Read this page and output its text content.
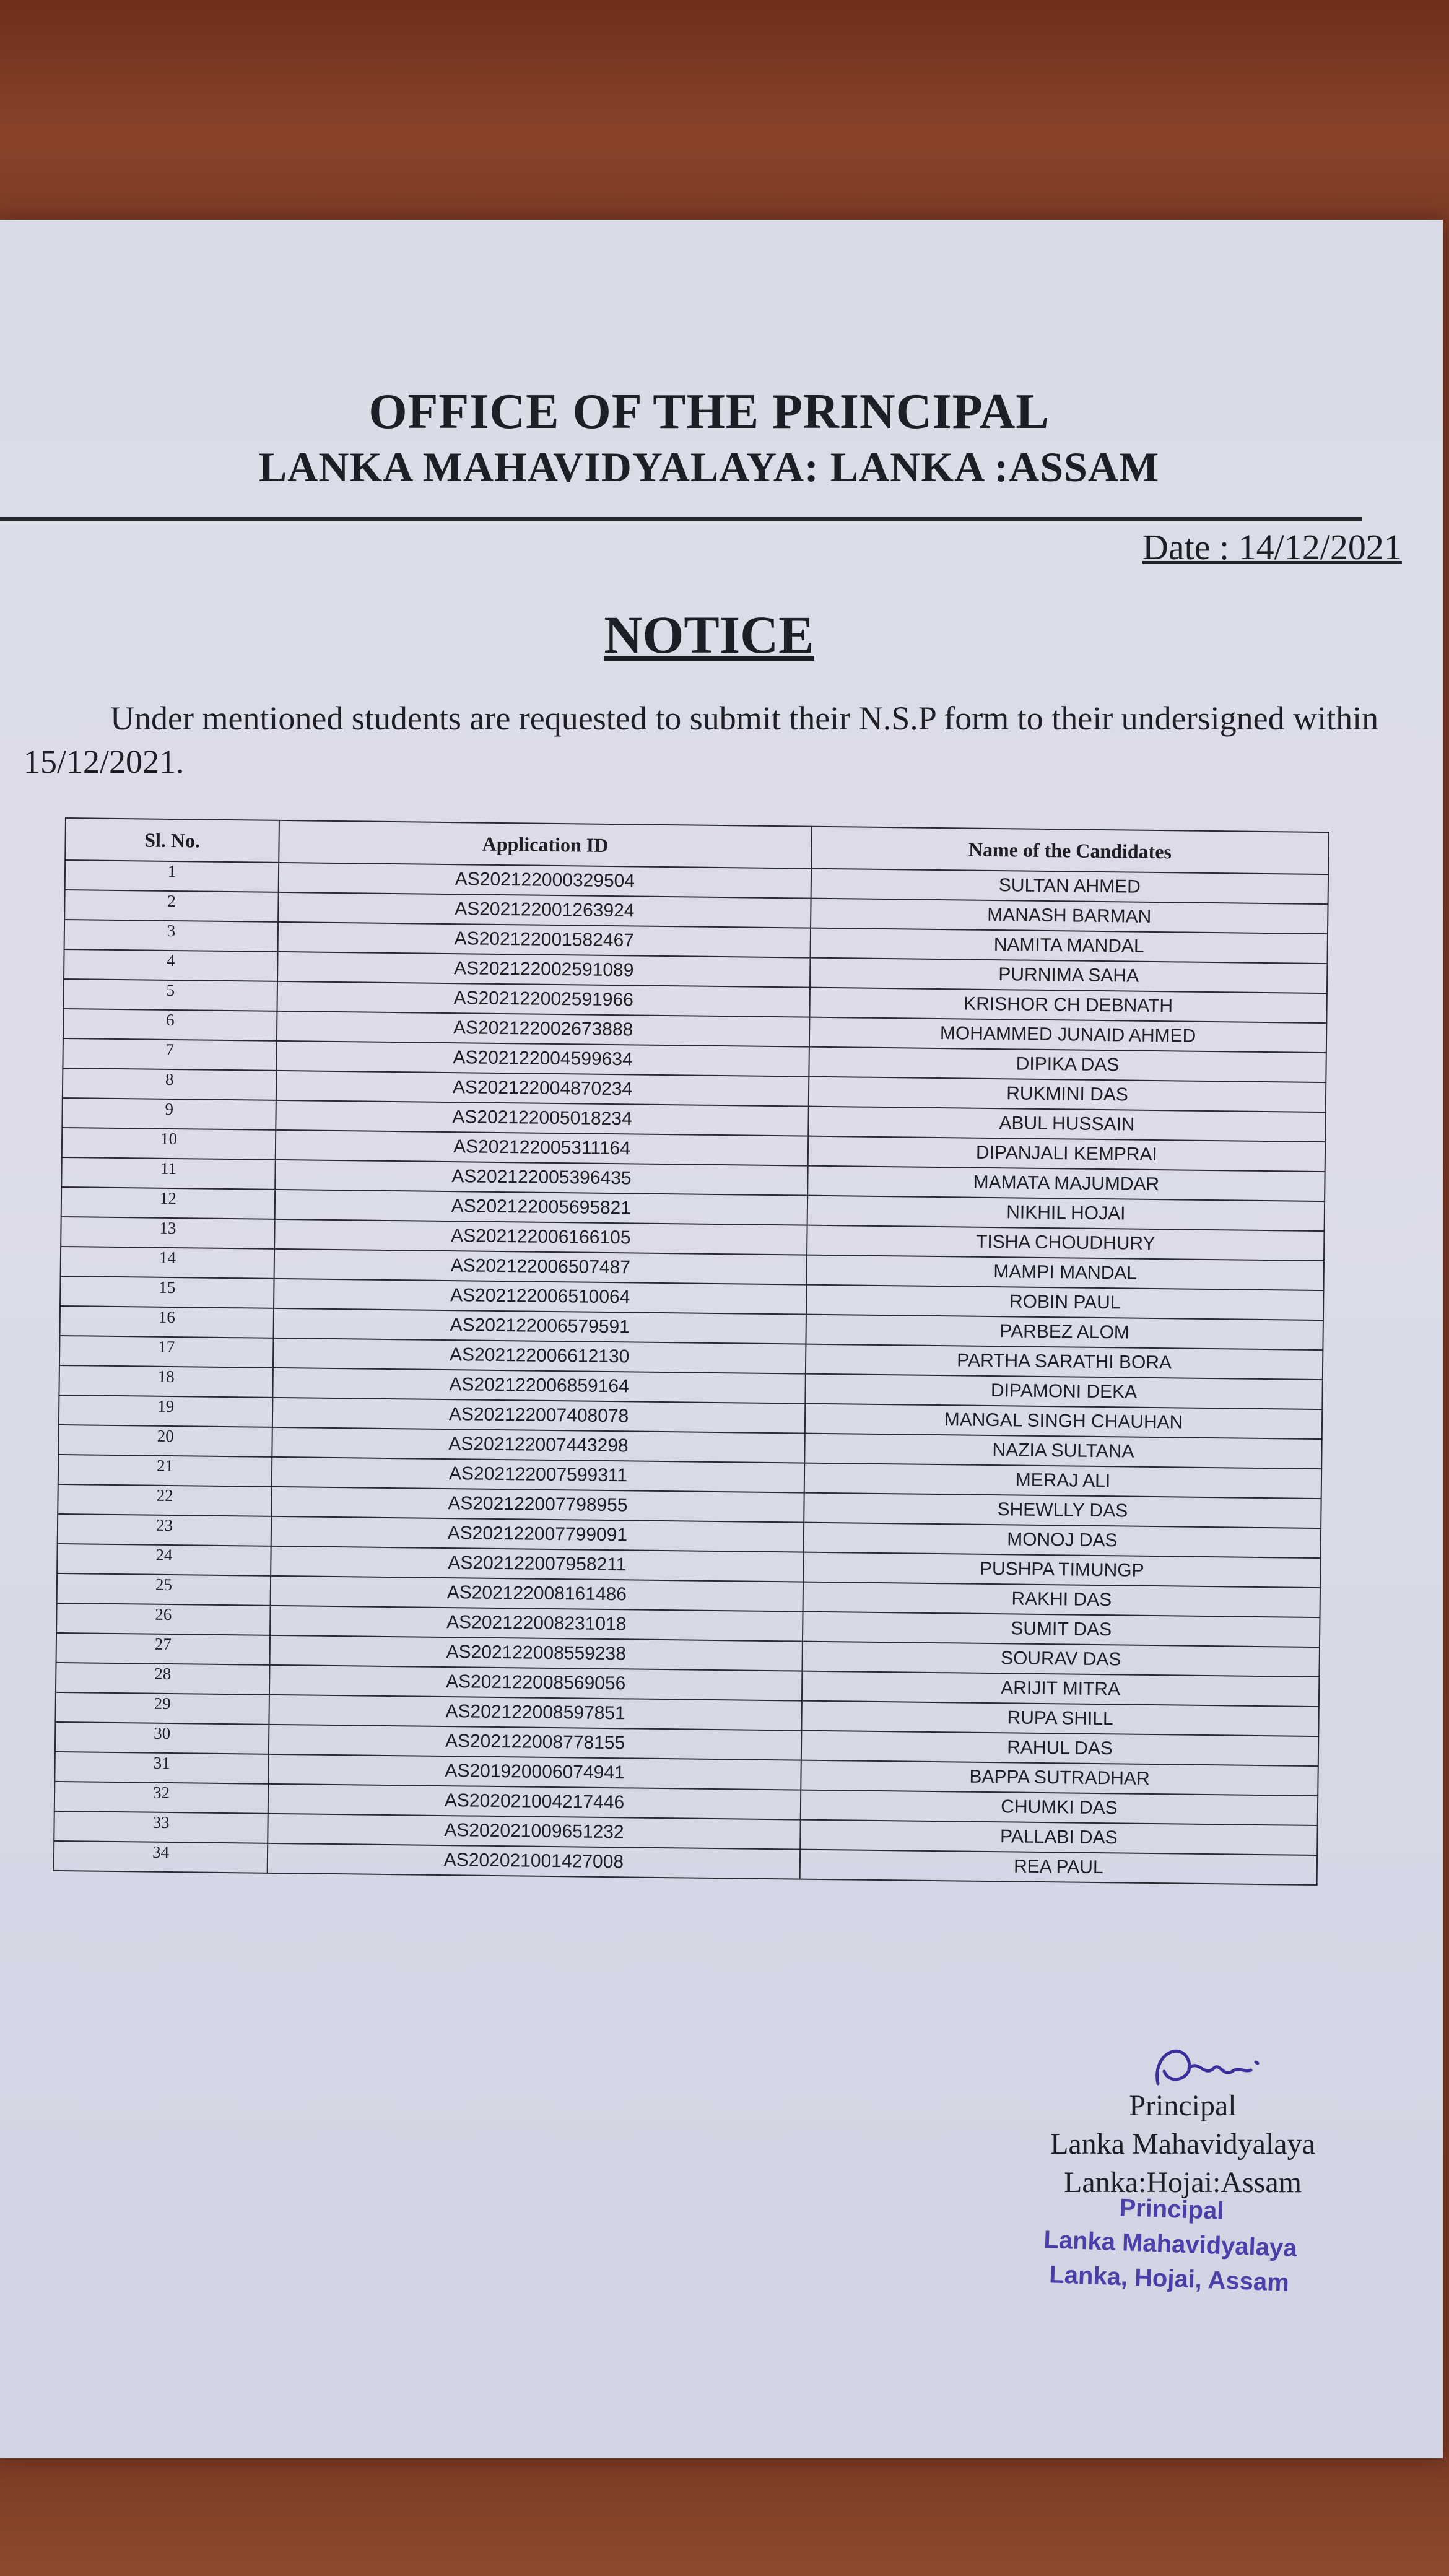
OFFICE OF THE PRINCIPAL
LANKA MAHAVIDYALAYA: LANKA :ASSAM
Date : 14/12/2021
NOTICE
Under mentioned students are requested to submit their N.S.P form to their undersigned within 15/12/2021.
Sl. No.	Application ID	Name of the Candidates
1	AS202122000329504	SULTAN AHMED
2	AS202122001263924	MANASH BARMAN
3	AS202122001582467	NAMITA MANDAL
4	AS202122002591089	PURNIMA SAHA
5	AS202122002591966	KRISHOR CH DEBNATH
6	AS202122002673888	MOHAMMED JUNAID AHMED
7	AS202122004599634	DIPIKA DAS
8	AS202122004870234	RUKMINI DAS
9	AS202122005018234	ABUL HUSSAIN
10	AS202122005311164	DIPANJALI KEMPRAI
11	AS202122005396435	MAMATA MAJUMDAR
12	AS202122005695821	NIKHIL HOJAI
13	AS202122006166105	TISHA CHOUDHURY
14	AS202122006507487	MAMPI MANDAL
15	AS202122006510064	ROBIN PAUL
16	AS202122006579591	PARBEZ ALOM
17	AS202122006612130	PARTHA SARATHI BORA
18	AS202122006859164	DIPAMONI DEKA
19	AS202122007408078	MANGAL SINGH CHAUHAN
20	AS202122007443298	NAZIA SULTANA
21	AS202122007599311	MERAJ ALI
22	AS202122007798955	SHEWLLY DAS
23	AS202122007799091	MONOJ DAS
24	AS202122007958211	PUSHPA TIMUNGP
25	AS202122008161486	RAKHI DAS
26	AS202122008231018	SUMIT DAS
27	AS202122008559238	SOURAV DAS
28	AS202122008569056	ARIJIT MITRA
29	AS202122008597851	RUPA SHILL
30	AS202122008778155	RAHUL DAS
31	AS201920006074941	BAPPA SUTRADHAR
32	AS202021004217446	CHUMKI DAS
33	AS202021009651232	PALLABI DAS
34	AS202021001427008	REA PAUL
Principal
Lanka Mahavidyalaya
Lanka:Hojai:Assam
Principal
Lanka Mahavidyalaya
Lanka, Hojai, Assam
